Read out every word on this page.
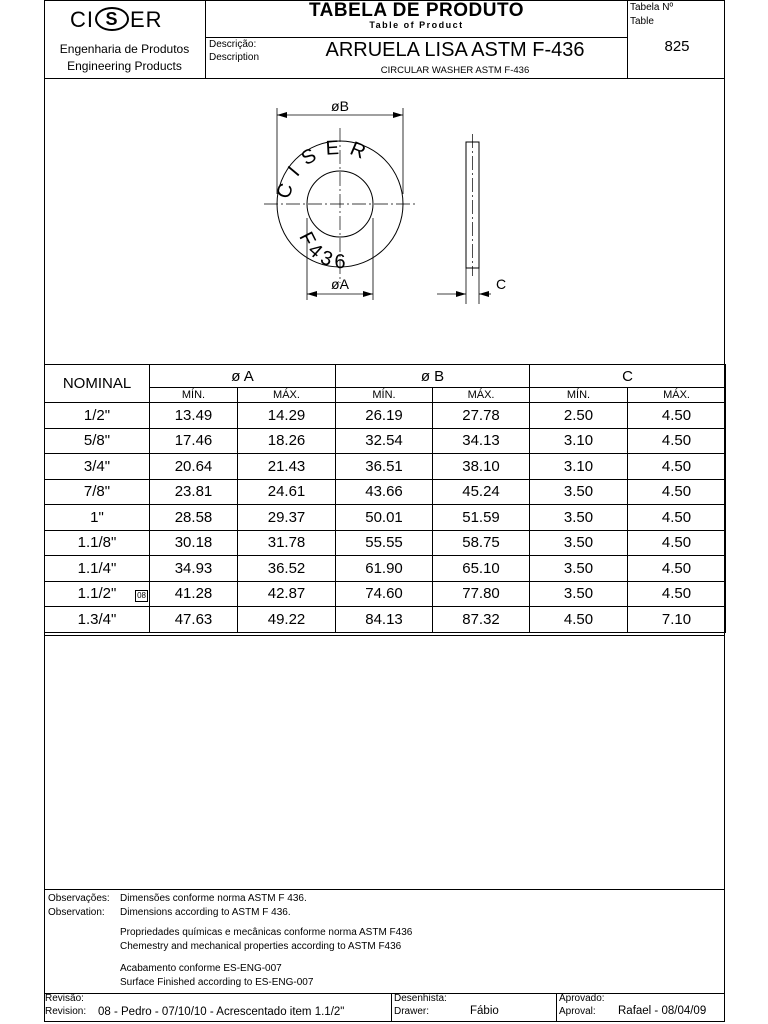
CI S ER
Engenharia de Produtos
Engineering Products
TABELA DE PRODUTO
Table of Product
Descrição:
Description	ARRUELA LISA ASTM F-436
CIRCULAR WASHER ASTM F-436
Tabela Nº
Table
825
øB
øA
CISER
F436
C
NOMINAL	ø A		ø B		C	
	MÍN.	MÁX.	MÍN.	MÁX.	MÍN.	MÁX.

1/2"	13.49	14.29	26.19	27.78	2.50	4.50

5/8"	17.46	18.26	32.54	34.13	3.10	4.50

3/4"	20.64	21.43	36.51	38.10	3.10	4.50

7/8"	23.81	24.61	43.66	45.24	3.50	4.50

1"	28.58	29.37	50.01	51.59	3.50	4.50

1.1/8"	30.18	31.78	55.55	58.75	3.50	4.50

1.1/4"	34.93	36.52	61.90	65.10	3.50	4.50

1.1/2" 08	41.28	42.87	74.60	77.80	3.50	4.50

1.3/4"	47.63	49.22	84.13	87.32	4.50	7.10
Observações:
Observation:
Dimensões conforme norma ASTM F 436.
Dimensions according to ASTM F 436.
Propriedades químicas e mecânicas conforme norma ASTM F436
Chemestry and mechanical properties according to ASTM F436
Acabamento conforme ES-ENG-007
Surface Finished according to ES-ENG-007
Revisão:
Revision: 08 - Pedro - 07/10/10 - Acrescentado item 1.1/2"
Desenhista:
Drawer:	Fábio
Aprovado:
Aproval: Rafael - 08/04/09
